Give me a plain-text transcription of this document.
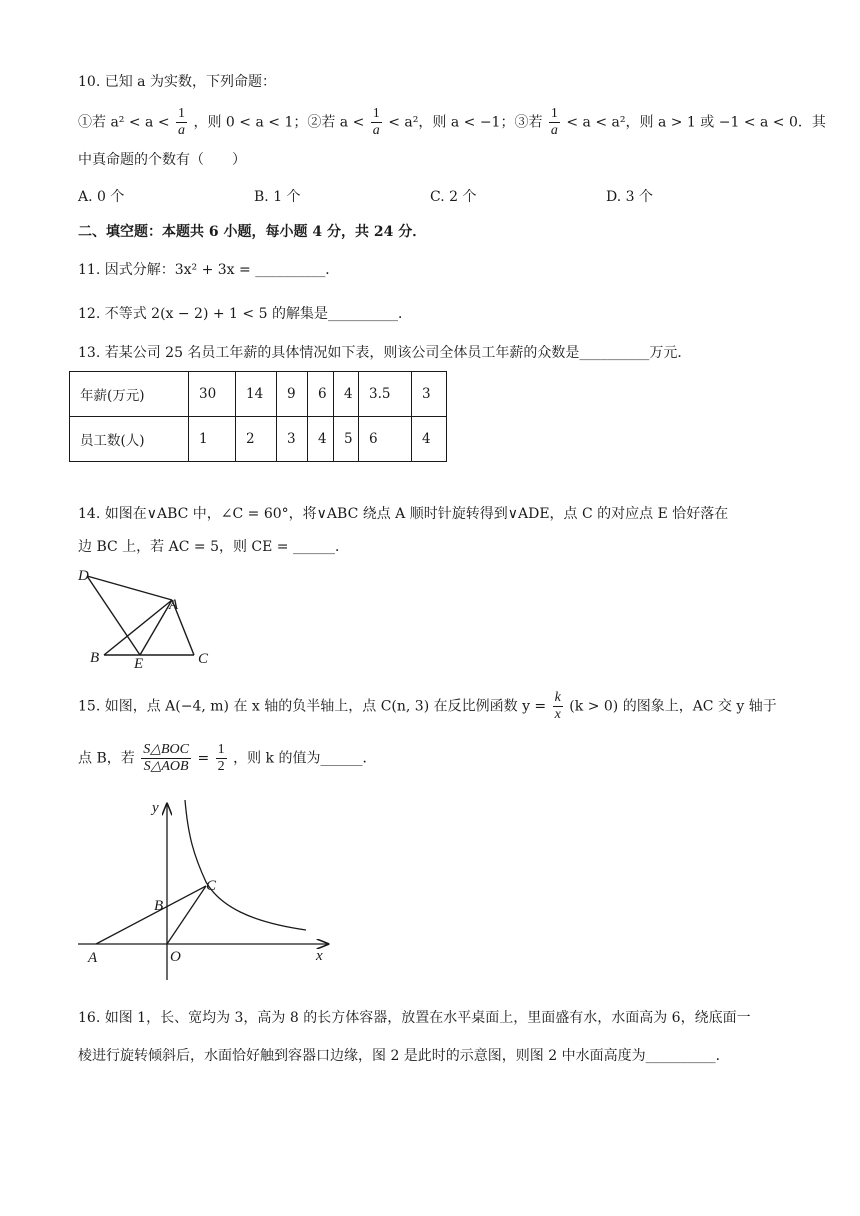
10. 已知 a 为实数，下列命题：
①若 $a^2 < a < \frac{1}{a}$ ，则 0 < a < 1；②若 $a < \frac{1}{a} < a^2$，则 a < −1；③若 $\frac{1}{a} < a < a^2$，则 a > 1 或 −1 < a < 0．其
中真命题的个数有（　　）
A. 0 个	B. 1 个	C. 2 个	D. 3 个
二、填空题：本题共 6 小题，每小题 4 分，共 24 分．
11. 因式分解：3x² + 3x = __________．
12. 不等式 2(x − 2) + 1 < 5 的解集是__________．
13. 若某公司 25 名员工年薪的具体情况如下表，则该公司全体员工年薪的众数是__________万元．
年薪(万元)	30	14	9	6	4	3.5	3
员工数(人)	1	2	3	4	5	6	4
14. 如图在∨ABC 中，∠C = 60°，将∨ABC 绕点 A 顺时针旋转得到∨ADE，点 C 的对应点 E 恰好落在
边 BC 上，若 AC = 5，则 CE = ______．
D
A
B E	C
15. 如图，点 A(−4, m) 在 x 轴的负半轴上，点 C(n, 3) 在反比例函数 $y = \frac{k}{x} (k > 0)$ 的图象上，AC 交 y 轴于
点 B，若 $\frac{\text{S△BOC}}{\text{S△AOB}} = \frac{1}{2}$ ，则 k 的值为______．
y
x
O
A
B
C
16. 如图 1，长、宽均为 3，高为 8 的长方体容器，放置在水平桌面上，里面盛有水，水面高为 6，绕底面一
棱进行旋转倾斜后，水面恰好触到容器口边缘，图 2 是此时的示意图，则图 2 中水面高度为__________．
